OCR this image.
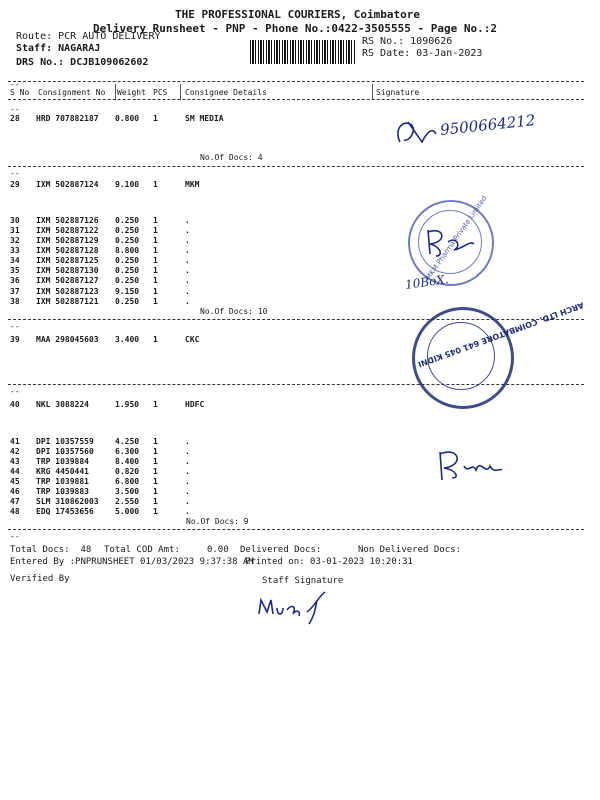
THE PROFESSIONAL COURIERS, Coimbatore
Delivery Runsheet - PNP - Phone No.:0422-3505555 - Page No.:2
Route: PCR AUTO DELIVERY
Staff: NAGARAJ
DRS No.: DCJB109062602
RS No.: 1090626
RS Date: 03-Jan-2023
--
S No Consignment No Weight PCS Consignee Details	Signature
--

28 HRD 707882187 0.800 1	SM MEDIA

No.Of Docs: 4
--

29 IXM 502887124 9.100 1	MKM

30 IXM 502887126 0.250 1	.
31 IXM 502887122 0.250 1	.
32 IXM 502887129 0.250 1	.
33 IXM 502887128 8.800 1	.
34 IXM 502887125 0.250 1	.
35 IXM 502887130 0.250 1	.
36 IXM 502887127 0.250 1	.
37 IXM 502887123 9.150 1	.
38 IXM 502887121 0.250 1	.
No.Of Docs: 10
--

39 MAA 298045603 3.400 1	CKC

--

40 NKL 3088224	1.950 1	HDFC

41 DPI 10357559	4.250 1	.
42 DPI 10357560	6.300 1	.
43 TRP 1039884	8.400 1	.
44 KRG 4450441	0.820 1	.
45 TRP 1039881	6.800 1	.
46 TRP 1039883	3.500 1	.
47 SLM 310862003 2.550 1	.
48 EDQ 17453656	5.000 1	.
No.Of Docs: 9
--
Total Docs:  48 Total COD Amt:     0.00 Delivered Docs:	Non Delivered Docs:
Entered By :PNPRUNSHEET 01/03/2023 9:37:38 AM
Printed on: 03-01-2023 10:20:31
Verified By	Staff Signature
9500664212
MKM Pharma Private Limited
10BoX.
ARCH LTD. COIMBATORE 641 045 KIDNI
